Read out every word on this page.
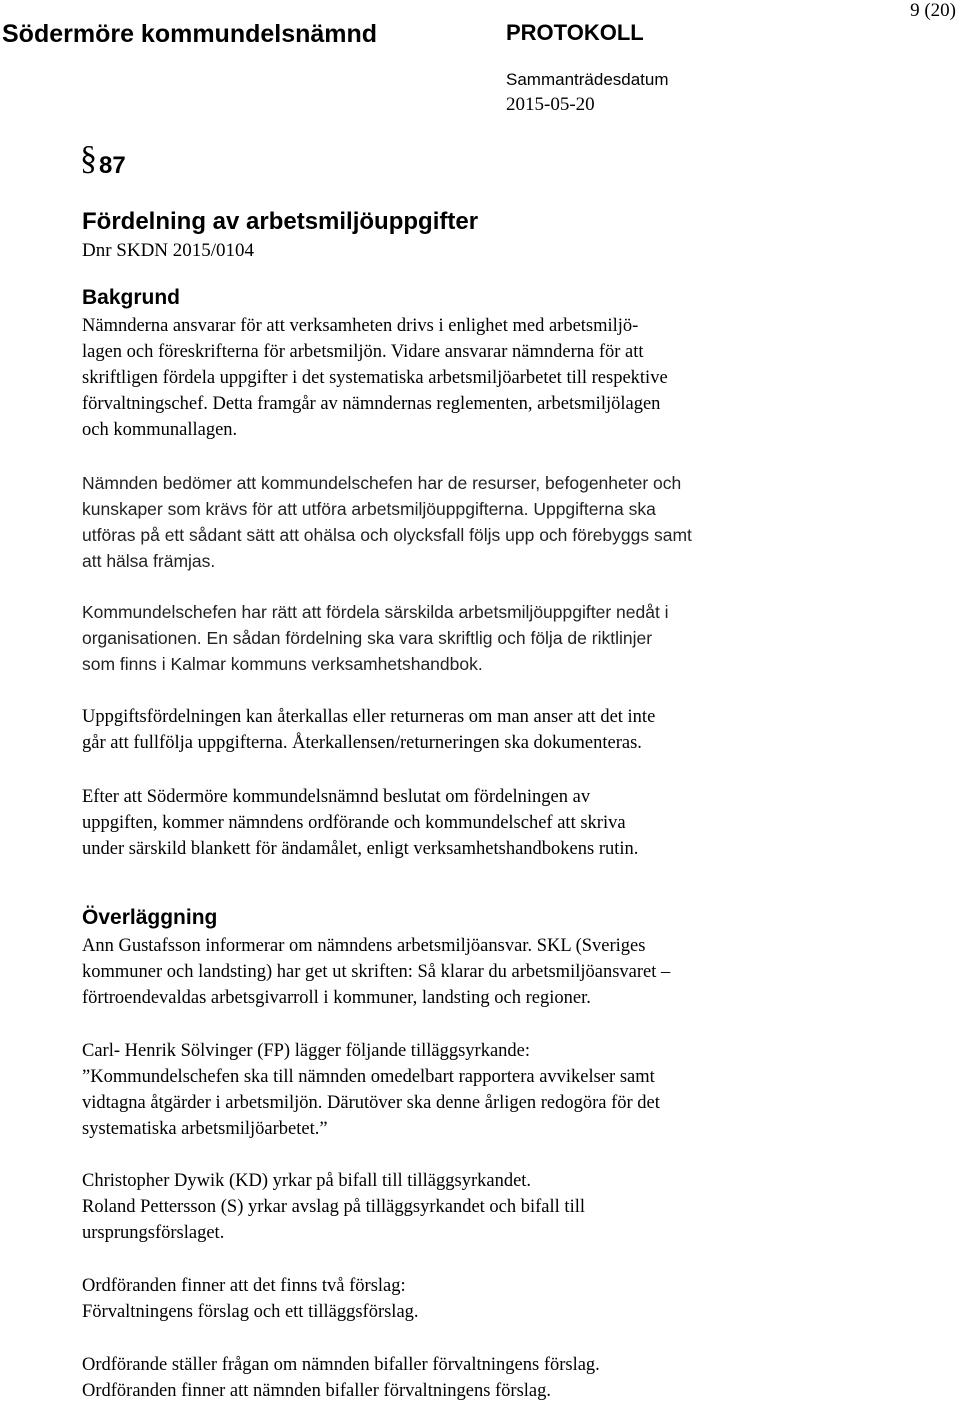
Södermöre kommundelsnämnd	PROTOKOLL
9 (20)
Sammanträdesdatum
2015-05-20
§ 87
Fördelning av arbetsmiljöuppgifter
Dnr SKDN 2015/0104
Bakgrund
Nämnderna ansvarar för att verksamheten drivs i enlighet med arbetsmiljö-
lagen och föreskrifterna för arbetsmiljön. Vidare ansvarar nämnderna för att
skriftligen fördela uppgifter i det systematiska arbetsmiljöarbetet till respektive
förvaltningschef. Detta framgår av nämndernas reglementen, arbetsmiljölagen
och kommunallagen.
Nämnden bedömer att kommundelschefen har de resurser, befogenheter och
kunskaper som krävs för att utföra arbetsmiljöuppgifterna. Uppgifterna ska
utföras på ett sådant sätt att ohälsa och olycksfall följs upp och förebyggs samt
att hälsa främjas.
Kommundelschefen har rätt att fördela särskilda arbetsmiljöuppgifter nedåt i
organisationen. En sådan fördelning ska vara skriftlig och följa de riktlinjer
som finns i Kalmar kommuns verksamhetshandbok.
Uppgiftsfördelningen kan återkallas eller returneras om man anser att det inte
går att fullfölja uppgifterna. Återkallensen/returneringen ska dokumenteras.
Efter att Södermöre kommundelsnämnd beslutat om fördelningen av
uppgiften, kommer nämndens ordförande och kommundelschef att skriva
under särskild blankett för ändamålet, enligt verksamhetshandbokens rutin.
Överläggning
Ann Gustafsson informerar om nämndens arbetsmiljöansvar. SKL (Sveriges
kommuner och landsting) har get ut skriften: Så klarar du arbetsmiljöansvaret –
förtroendevaldas arbetsgivarroll i kommuner, landsting och regioner.
Carl- Henrik Sölvinger (FP) lägger följande tilläggsyrkande:
”Kommundelschefen ska till nämnden omedelbart rapportera avvikelser samt
vidtagna åtgärder i arbetsmiljön. Därutöver ska denne årligen redogöra för det
systematiska arbetsmiljöarbetet.”
Christopher Dywik (KD) yrkar på bifall till tilläggsyrkandet.
Roland Pettersson (S) yrkar avslag på tilläggsyrkandet och bifall till
ursprungsförslaget.
Ordföranden finner att det finns två förslag:
Förvaltningens förslag och ett tilläggsförslag.
Ordförande ställer frågan om nämnden bifaller förvaltningens förslag.
Ordföranden finner att nämnden bifaller förvaltningens förslag.
